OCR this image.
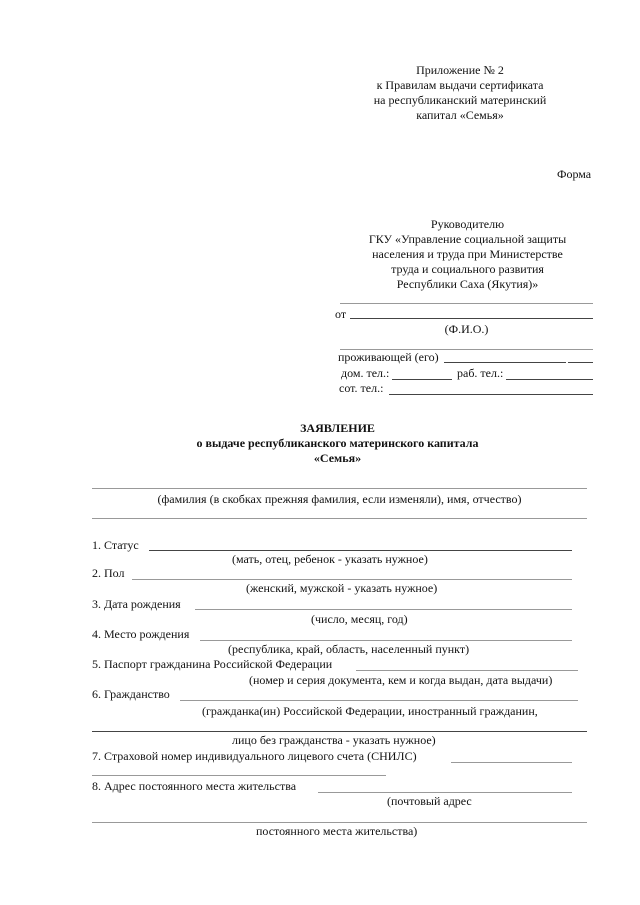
Приложение № 2
к Правилам выдачи сертификата
на республиканский материнский
капитал «Семья»
Форма
Руководителю
ГКУ «Управление социальной защиты
населения и труда при Министерстве
труда и социального развития
Республики Саха (Якутия)»
от
(Ф.И.О.)
проживающей (его)
дом. тел.:	раб. тел.:
сот. тел.:
ЗАЯВЛЕНИЕ
о выдаче республиканского материнского капитала
«Семья»
(фамилия (в скобках прежняя фамилия, если изменяли), имя, отчество)
1. Статус
(мать, отец, ребенок - указать нужное)
2. Пол
(женский, мужской - указать нужное)
3. Дата рождения
(число, месяц, год)
4. Место рождения
(республика, край, область, населенный пункт)
5. Паспорт гражданина Российской Федерации
(номер и серия документа, кем и когда выдан, дата выдачи)
6. Гражданство
(гражданка(ин) Российской Федерации, иностранный гражданин,
лицо без гражданства - указать нужное)
7. Страховой номер индивидуального лицевого счета (СНИЛС)
8. Адрес постоянного места жительства
(почтовый адрес
постоянного места жительства)
